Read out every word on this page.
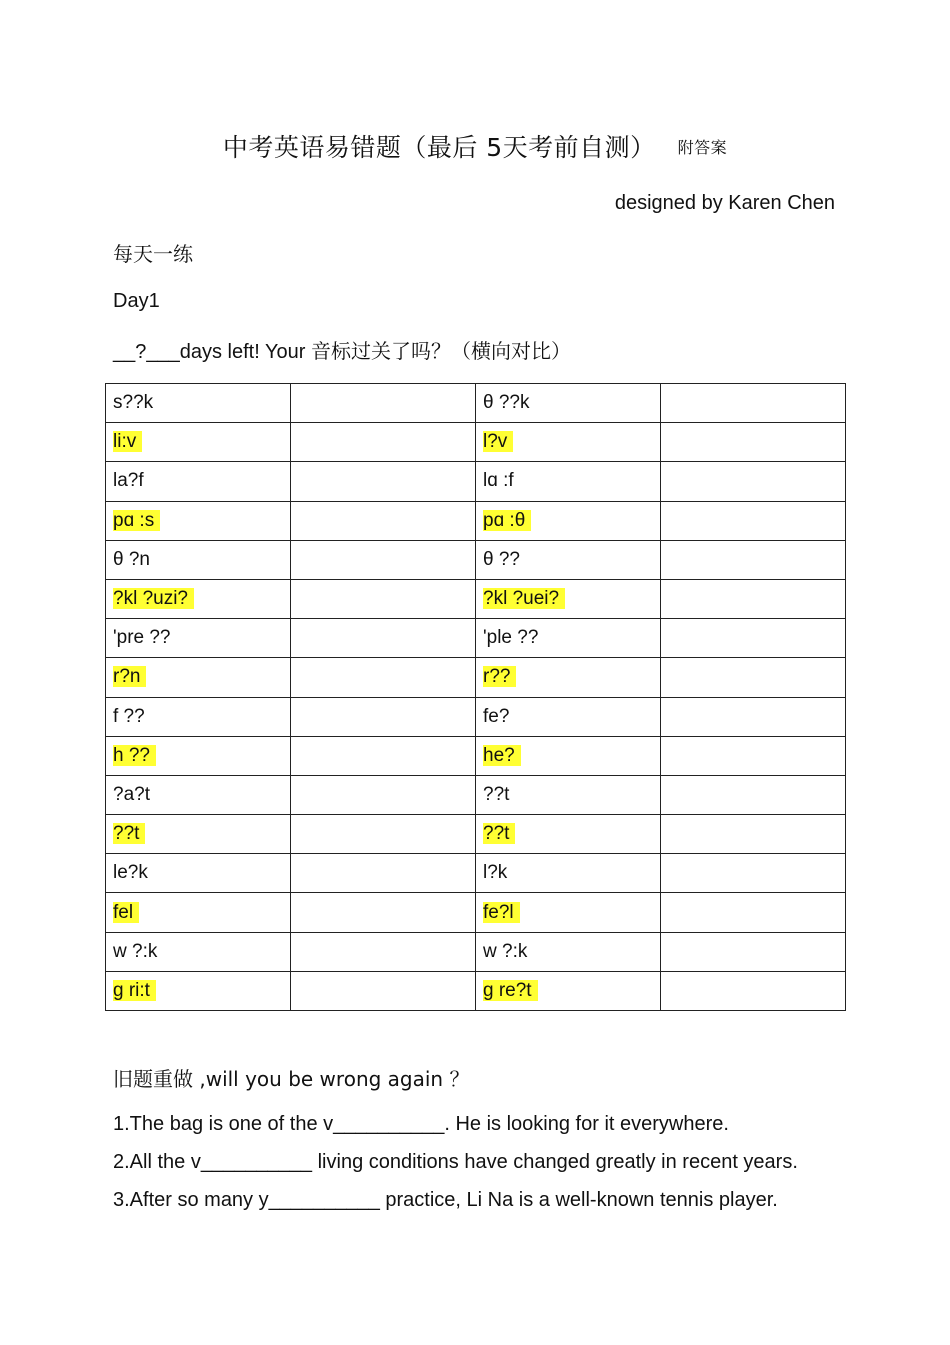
中考英语易错题（最后 5天考前自测） 附答案
designed by Karen Chen
每天一练
Day1
__?___days left! Your 音标过关了吗？（横向对比）
s??k		θ ??k	
li:v		l?v	
la?f		lɑ :f	
pɑ :s		pɑ :θ	
θ ?n		θ ??	
?kl ?uzi?		?kl ?uei?	
'pre ??		'ple ??	
r?n		r??	
f ??		fe?	
h ??		he?	
?a?t		??t	
??t		??t	
le?k		l?k	
fel		fe?l	
w ?:k		w ?:k	
g ri:t		g re?t	
旧题重做 ,will you be wrong again ？
1.The bag is one of the v__________. He is looking for it everywhere.
2.All the v__________ living conditions have changed greatly in recent years.
3.After so many y__________ practice, Li Na is a well-known tennis player.
